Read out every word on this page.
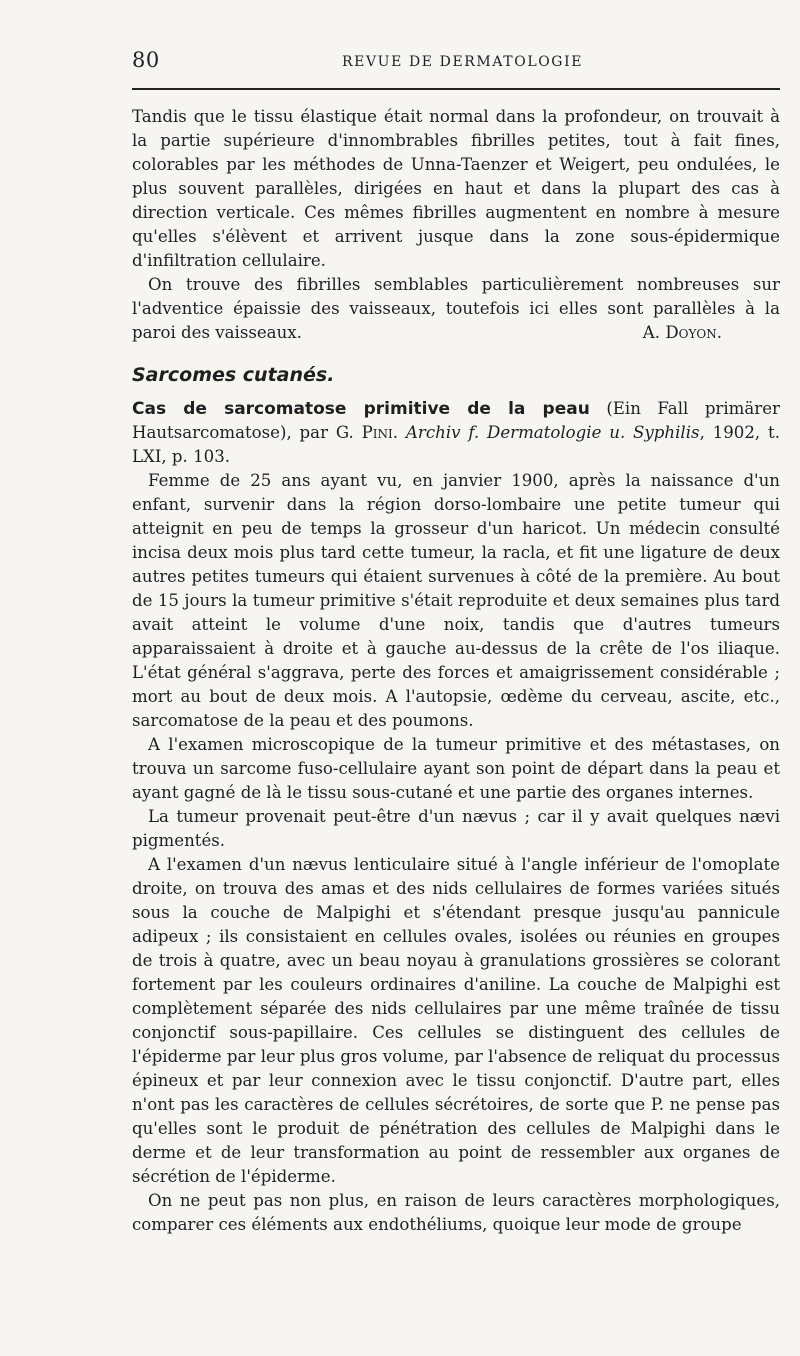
80	REVUE DE DERMATOLOGIE

Tandis que le tissu élastique était normal dans la profondeur, on trouvait à la partie supérieure d'innombrables fibrilles petites, tout à fait fines, colorables par les méthodes de Unna-Taenzer et Weigert, peu ondulées, le plus souvent parallèles, dirigées en haut et dans la plupart des cas à direction verticale. Ces mêmes fibrilles augmentent en nombre à mesure qu'elles s'élèvent et arrivent jusque dans la zone sous-épidermique d'infiltration cellulaire.

On trouve des fibrilles semblables particulièrement nombreuses sur l'adventice épaissie des vaisseaux, toutefois ici elles sont parallèles à la

paroi des vaisseaux.	A. Doyon.
Sarcomes cutanés.

Cas de sarcomatose primitive de la peau (Ein Fall primärer Hautsarcomatose), par G. Pini. Archiv f. Dermatologie u. Syphilis, 1902, t. LXI, p. 103.

Femme de 25 ans ayant vu, en janvier 1900, après la naissance d'un enfant, survenir dans la région dorso-lombaire une petite tumeur qui atteignit en peu de temps la grosseur d'un haricot. Un médecin consulté incisa deux mois plus tard cette tumeur, la racla, et fit une ligature de deux autres petites tumeurs qui étaient survenues à côté de la première. Au bout de 15 jours la tumeur primitive s'était reproduite et deux semaines plus tard avait atteint le volume d'une noix, tandis que d'autres tumeurs apparaissaient à droite et à gauche au-dessus de la crête de l'os iliaque. L'état général s'aggrava, perte des forces et amaigrissement considérable ; mort au bout de deux mois. A l'autopsie, œdème du cerveau, ascite, etc., sarcomatose de la peau et des poumons.

A l'examen microscopique de la tumeur primitive et des métastases, on trouva un sarcome fuso-cellulaire ayant son point de départ dans la peau et ayant gagné de là le tissu sous-cutané et une partie des organes internes.

La tumeur provenait peut-être d'un nævus ; car il y avait quelques nævi pigmentés.

A l'examen d'un nævus lenticulaire situé à l'angle inférieur de l'omoplate droite, on trouva des amas et des nids cellulaires de formes variées situés sous la couche de Malpighi et s'étendant presque jusqu'au pannicule adipeux ; ils consistaient en cellules ovales, isolées ou réunies en groupes de trois à quatre, avec un beau noyau à granulations grossières se colorant fortement par les couleurs ordinaires d'aniline. La couche de Malpighi est complètement séparée des nids cellulaires par une même traînée de tissu conjonctif sous-papillaire. Ces cellules se distinguent des cellules de l'épiderme par leur plus gros volume, par l'absence de reliquat du processus épineux et par leur connexion avec le tissu conjonctif. D'autre part, elles n'ont pas les caractères de cellules sécrétoires, de sorte que P. ne pense pas qu'elles sont le produit de pénétration des cellules de Malpighi dans le derme et de leur transformation au point de ressembler aux organes de sécrétion de l'épiderme.

On ne peut pas non plus, en raison de leurs caractères morphologiques, comparer ces éléments aux endothéliums, quoique leur mode de groupe
